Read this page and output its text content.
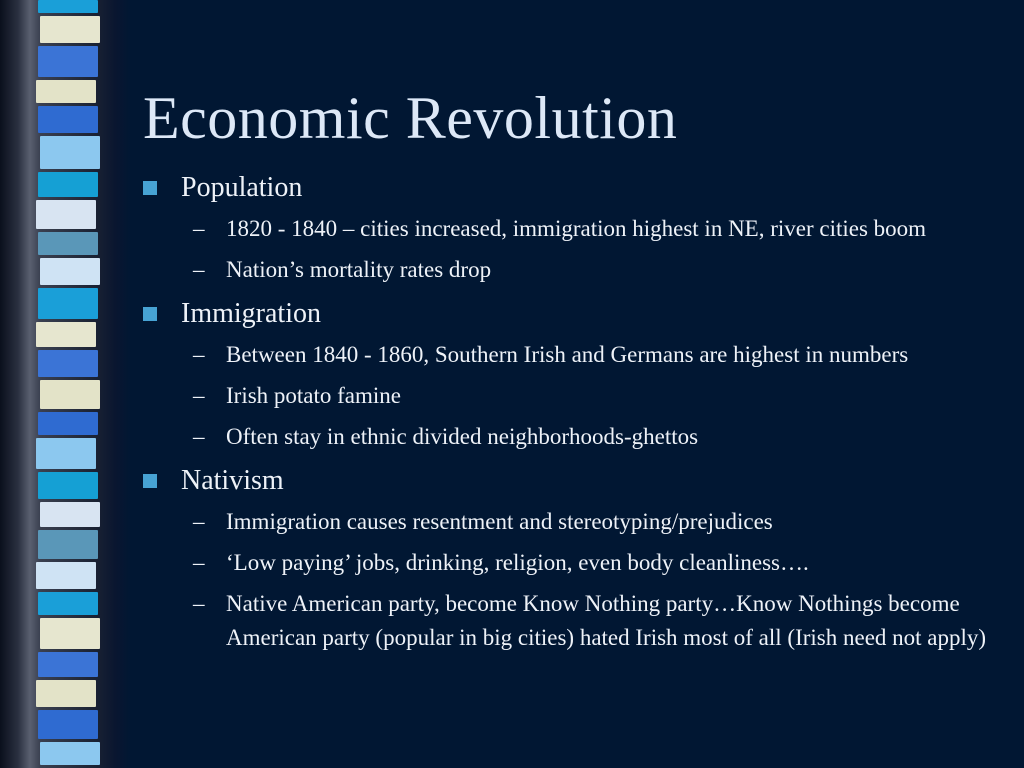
Economic Revolution
Population
– 1820 - 1840 – cities increased, immigration highest in NE, river cities boom
– Nation’s mortality rates drop
Immigration
– Between 1840 - 1860, Southern Irish and Germans are highest in numbers
– Irish potato famine
– Often stay in ethnic divided neighborhoods-ghettos
Nativism
– Immigration causes resentment and stereotyping/prejudices
– ‘Low paying’ jobs, drinking, religion, even body cleanliness….
– Native American party, become Know Nothing party…Know Nothings become American party (popular in big cities) hated Irish most of all (Irish need not apply)
